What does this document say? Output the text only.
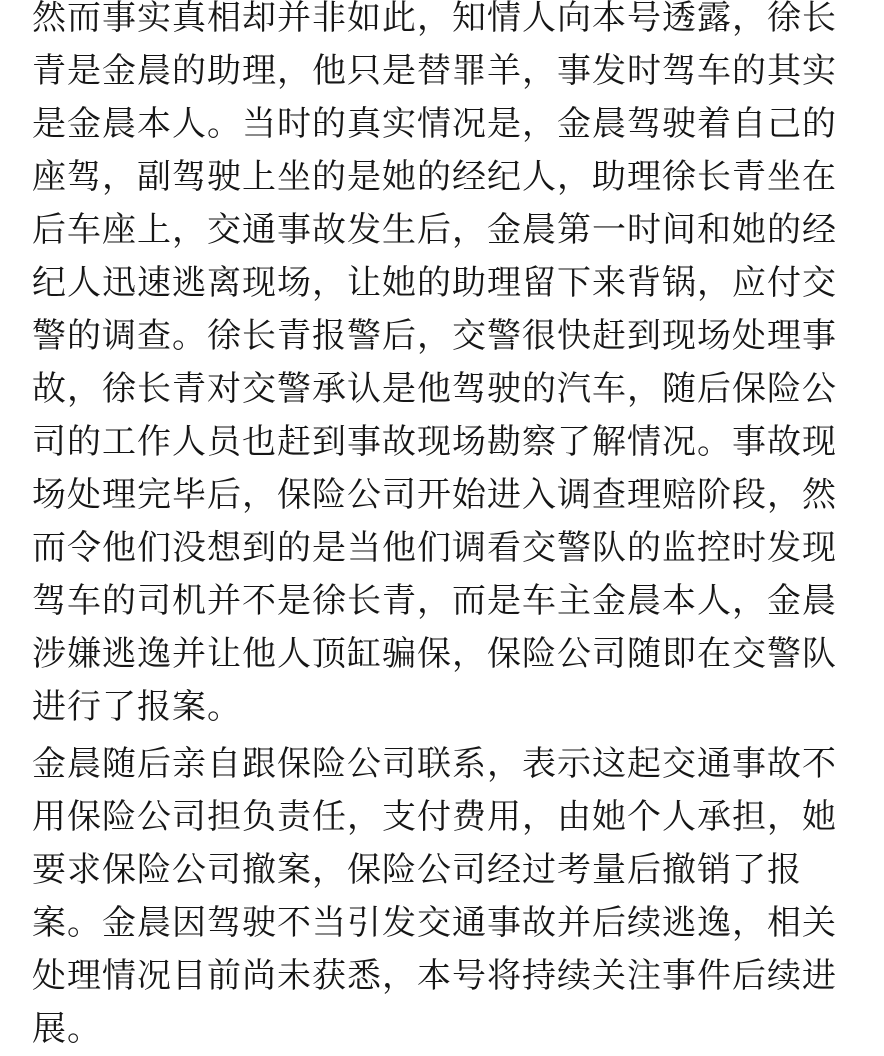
然而事实真相却并非如此，知情人向本号透露，徐长
青是金晨的助理，他只是替罪羊，事发时驾车的其实
是金晨本人。当时的真实情况是，金晨驾驶着自己的
座驾，副驾驶上坐的是她的经纪人，助理徐长青坐在
后车座上，交通事故发生后，金晨第一时间和她的经
纪人迅速逃离现场，让她的助理留下来背锅，应付交
警的调查。徐长青报警后，交警很快赶到现场处理事
故，徐长青对交警承认是他驾驶的汽车，随后保险公
司的工作人员也赶到事故现场勘察了解情况。事故现
场处理完毕后，保险公司开始进入调查理赔阶段，然
而令他们没想到的是当他们调看交警队的监控时发现
驾车的司机并不是徐长青，而是车主金晨本人，金晨
涉嫌逃逸并让他人顶缸骗保，保险公司随即在交警队
进行了报案。
金晨随后亲自跟保险公司联系，表示这起交通事故不
用保险公司担负责任，支付费用，由她个人承担，她
要求保险公司撤案，保险公司经过考量后撤销了报
案。金晨因驾驶不当引发交通事故并后续逃逸，相关
处理情况目前尚未获悉，本号将持续关注事件后续进
展。
